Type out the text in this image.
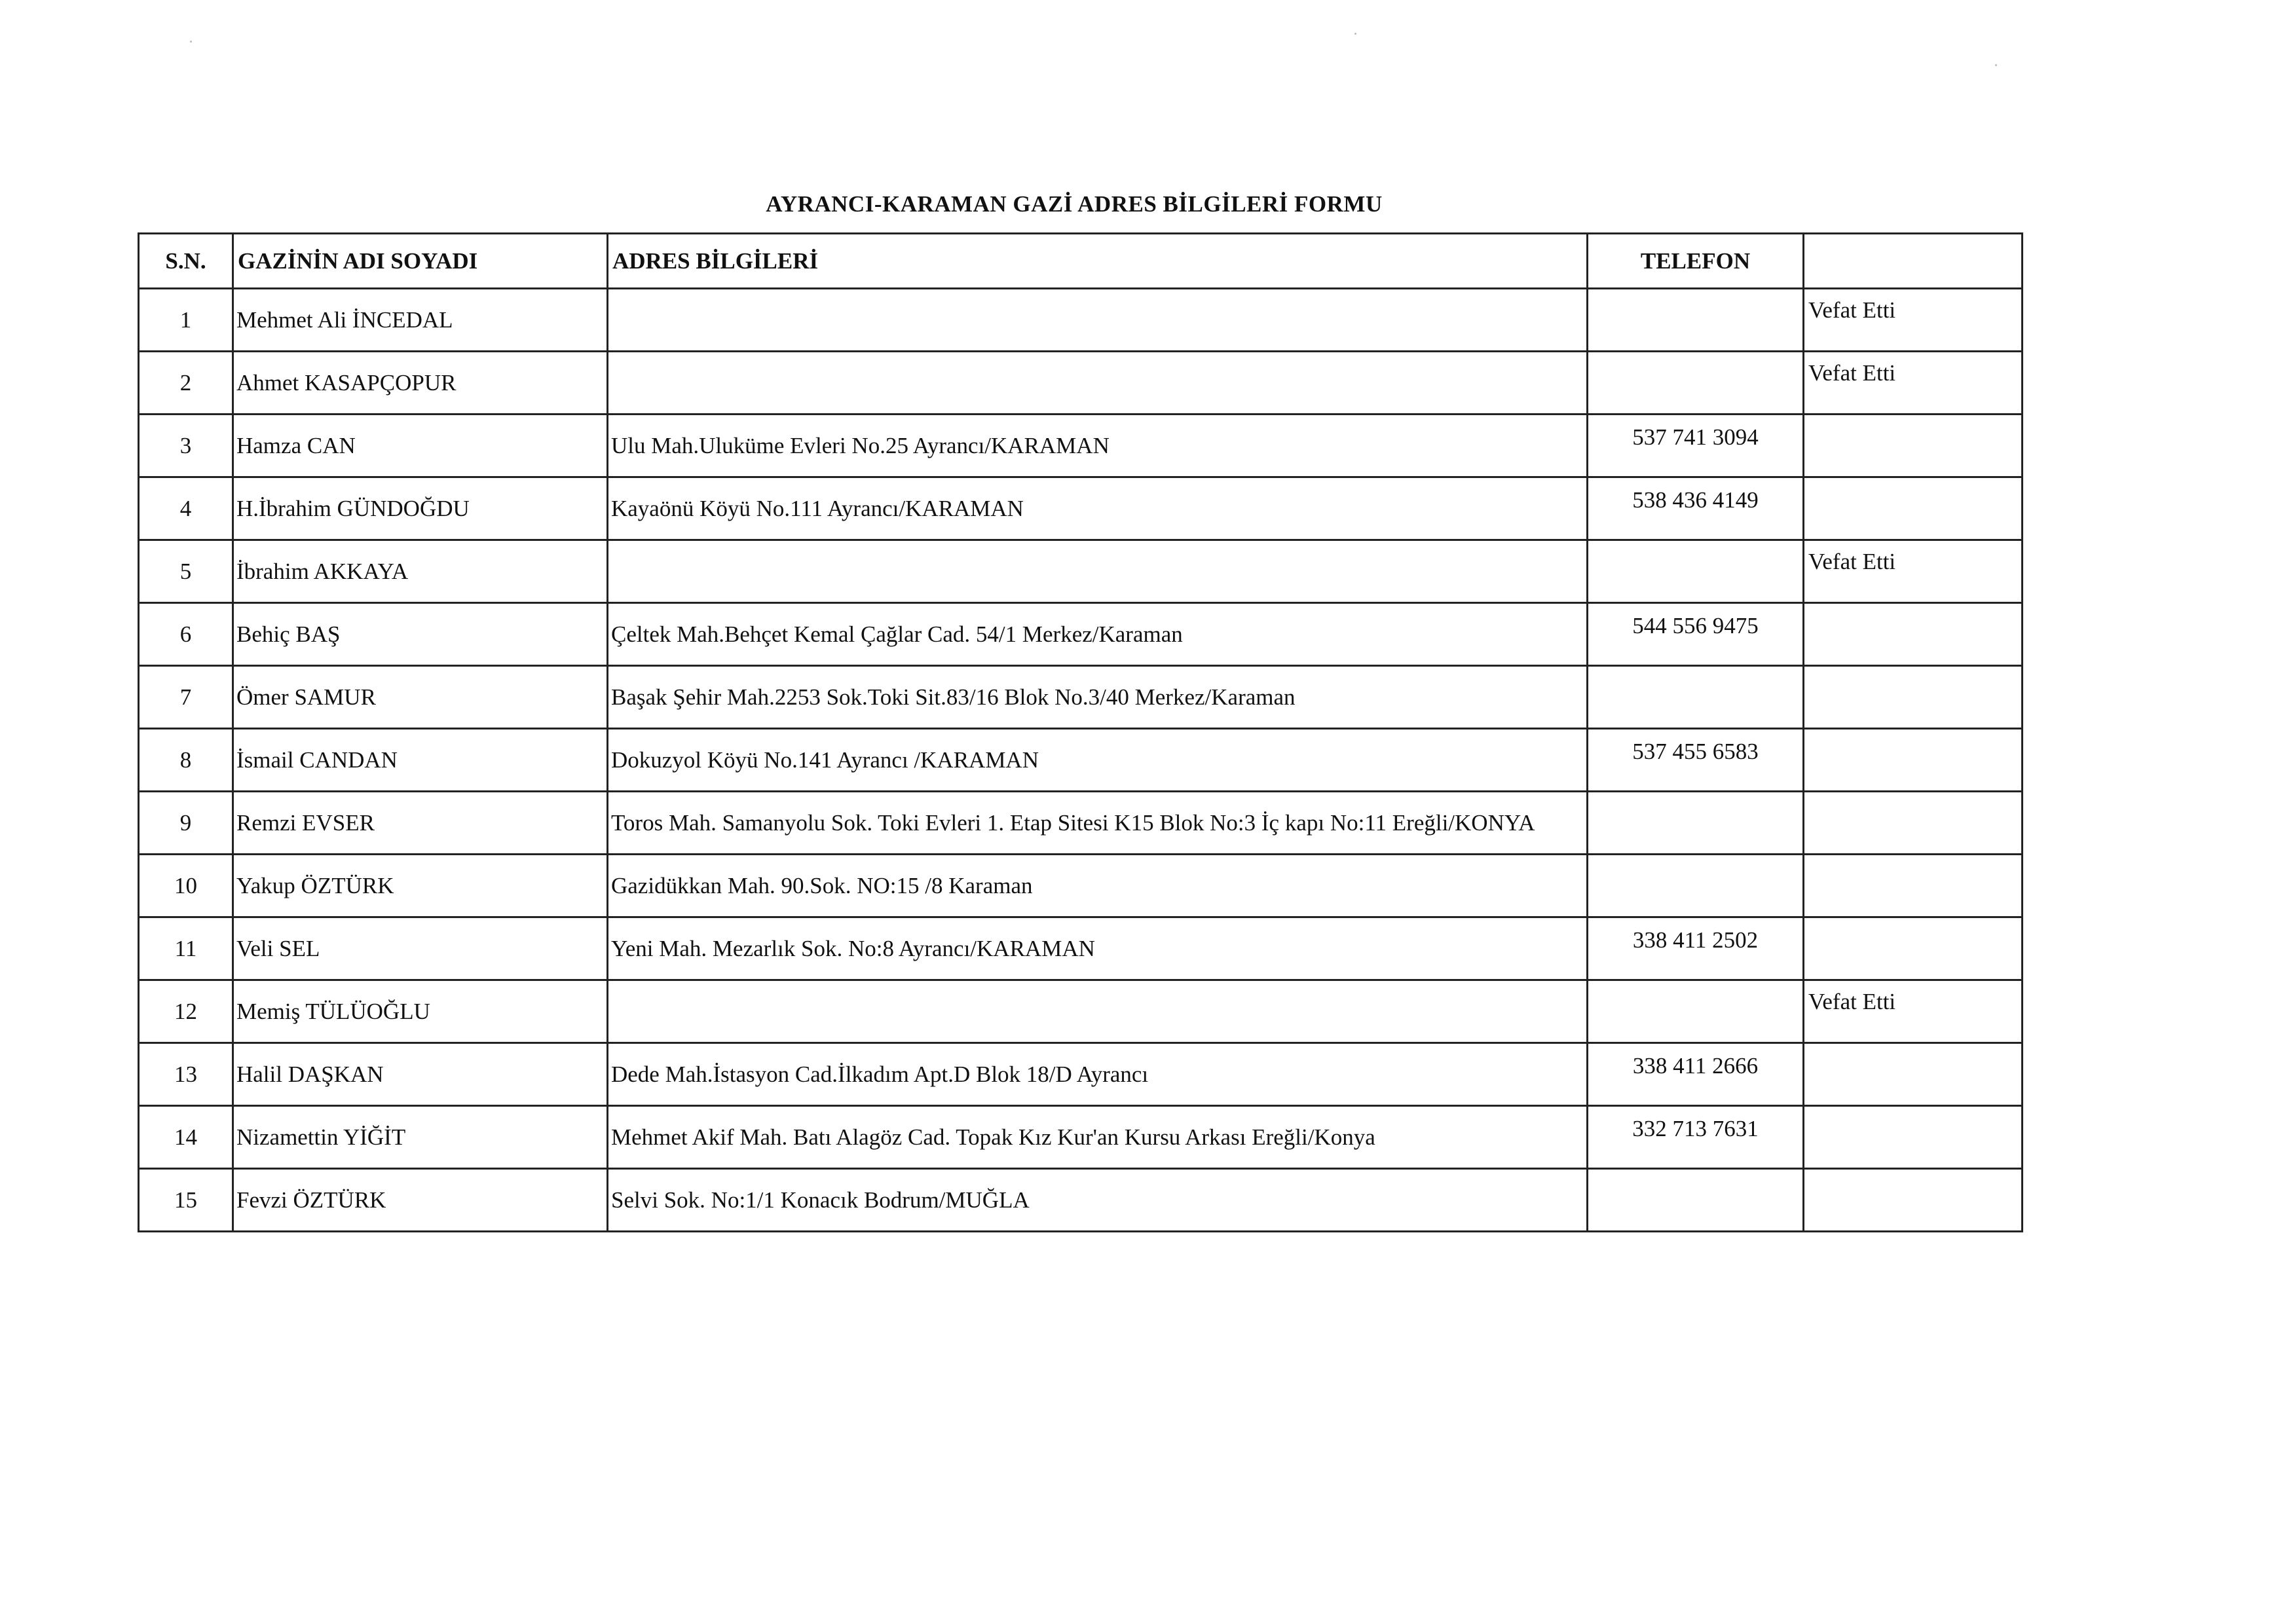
AYRANCI-KARAMAN GAZİ ADRES BİLGİLERİ FORMU
S.N.	GAZİNİN ADI SOYADI	ADRES BİLGİLERİ	TELEFON	
1	Mehmet Ali İNCEDAL			Vefat Etti
2	Ahmet KASAPÇOPUR			Vefat Etti
3	Hamza CAN	Ulu Mah.Uluküme Evleri No.25 Ayrancı/KARAMAN	537 741 3094	
4	H.İbrahim GÜNDOĞDU	Kayaönü Köyü No.111 Ayrancı/KARAMAN	538 436 4149	
5	İbrahim AKKAYA			Vefat Etti
6	Behiç BAŞ	Çeltek Mah.Behçet Kemal Çağlar Cad. 54/1 Merkez/Karaman	544 556 9475	
7	Ömer SAMUR	Başak Şehir Mah.2253 Sok.Toki Sit.83/16 Blok No.3/40 Merkez/Karaman		
8	İsmail CANDAN	Dokuzyol Köyü No.141 Ayrancı /KARAMAN	537 455 6583	
9	Remzi EVSER	Toros Mah. Samanyolu Sok. Toki Evleri 1. Etap Sitesi K15 Blok No:3 İç kapı No:11 Ereğli/KONYA		
10	Yakup ÖZTÜRK	Gazidükkan Mah. 90.Sok. NO:15 /8 Karaman		
11	Veli SEL	Yeni Mah. Mezarlık Sok. No:8 Ayrancı/KARAMAN	338 411 2502	
12	Memiş TÜLÜOĞLU			Vefat Etti
13	Halil DAŞKAN	Dede Mah.İstasyon Cad.İlkadım Apt.D Blok 18/D Ayrancı	338 411 2666	
14	Nizamettin YİĞİT	Mehmet Akif Mah. Batı Alagöz Cad. Topak Kız Kur'an Kursu Arkası Ereğli/Konya	332 713 7631	
15	Fevzi ÖZTÜRK	Selvi Sok. No:1/1 Konacık Bodrum/MUĞLA		
